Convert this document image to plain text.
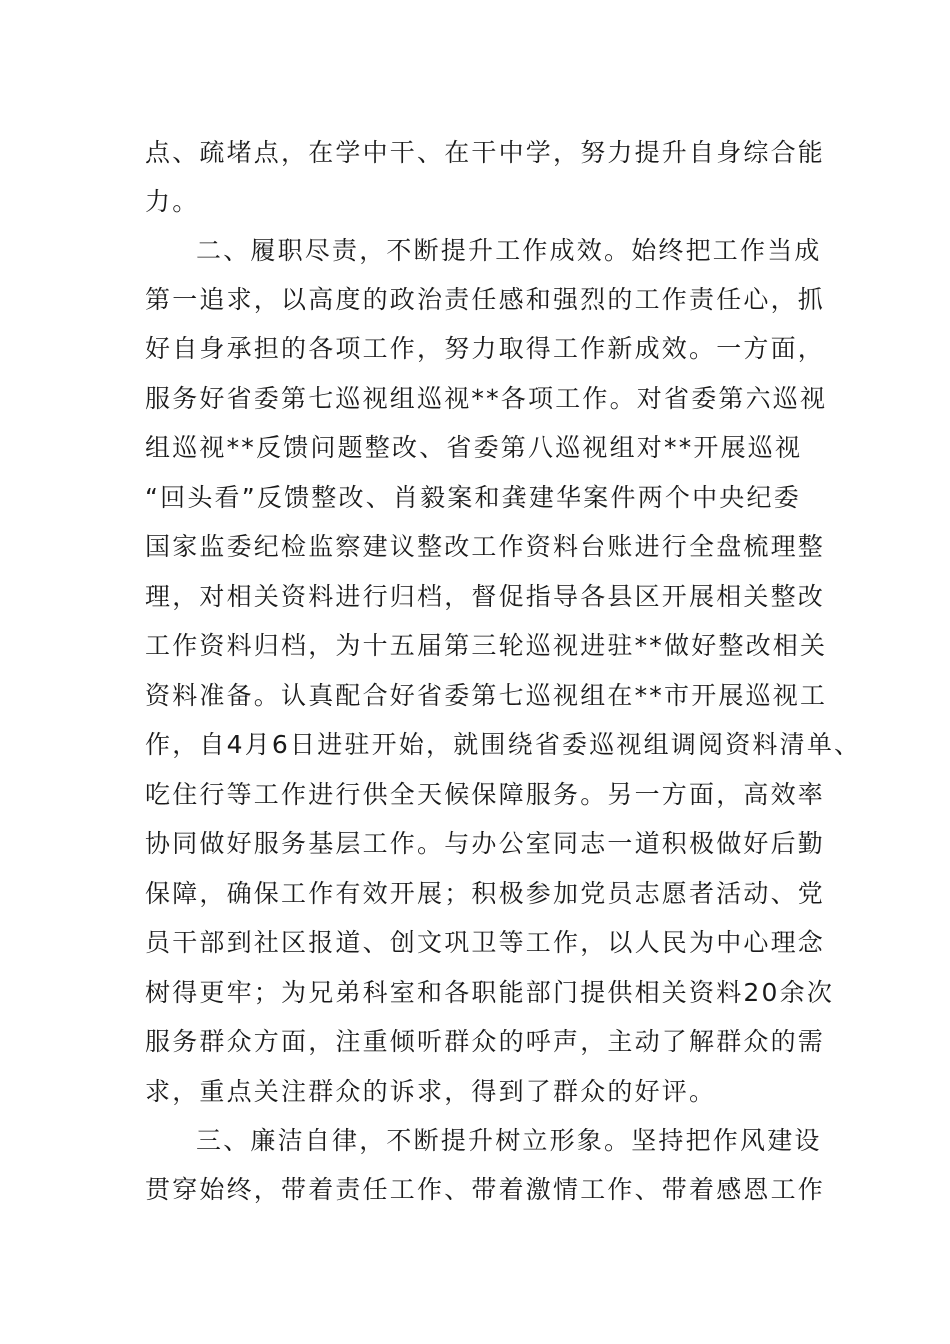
点、疏堵点，在学中干、在干中学，努力提升自身综合能

力。

二、履职尽责，不断提升工作成效。始终把工作当成

第一追求，以高度的政治责任感和强烈的工作责任心，抓

好自身承担的各项工作，努力取得工作新成效。一方面，

服务好省委第七巡视组巡视**各项工作。对省委第六巡视

组巡视**反馈问题整改、省委第八巡视组对**开展巡视

“回头看”反馈整改、肖毅案和龚建华案件两个中央纪委

国家监委纪检监察建议整改工作资料台账进行全盘梳理整

理，对相关资料进行归档，督促指导各县区开展相关整改

工作资料归档，为十五届第三轮巡视进驻**做好整改相关

资料准备。认真配合好省委第七巡视组在**市开展巡视工

作，自4月6日进驻开始，就围绕省委巡视组调阅资料清单、

吃住行等工作进行供全天候保障服务。另一方面，高效率

协同做好服务基层工作。与办公室同志一道积极做好后勤

保障，确保工作有效开展；积极参加党员志愿者活动、党

员干部到社区报道、创文巩卫等工作，以人民为中心理念

树得更牢；为兄弟科室和各职能部门提供相关资料20余次

服务群众方面，注重倾听群众的呼声，主动了解群众的需

求，重点关注群众的诉求，得到了群众的好评。

三、廉洁自律，不断提升树立形象。坚持把作风建设

贯穿始终，带着责任工作、带着激情工作、带着感恩工作
